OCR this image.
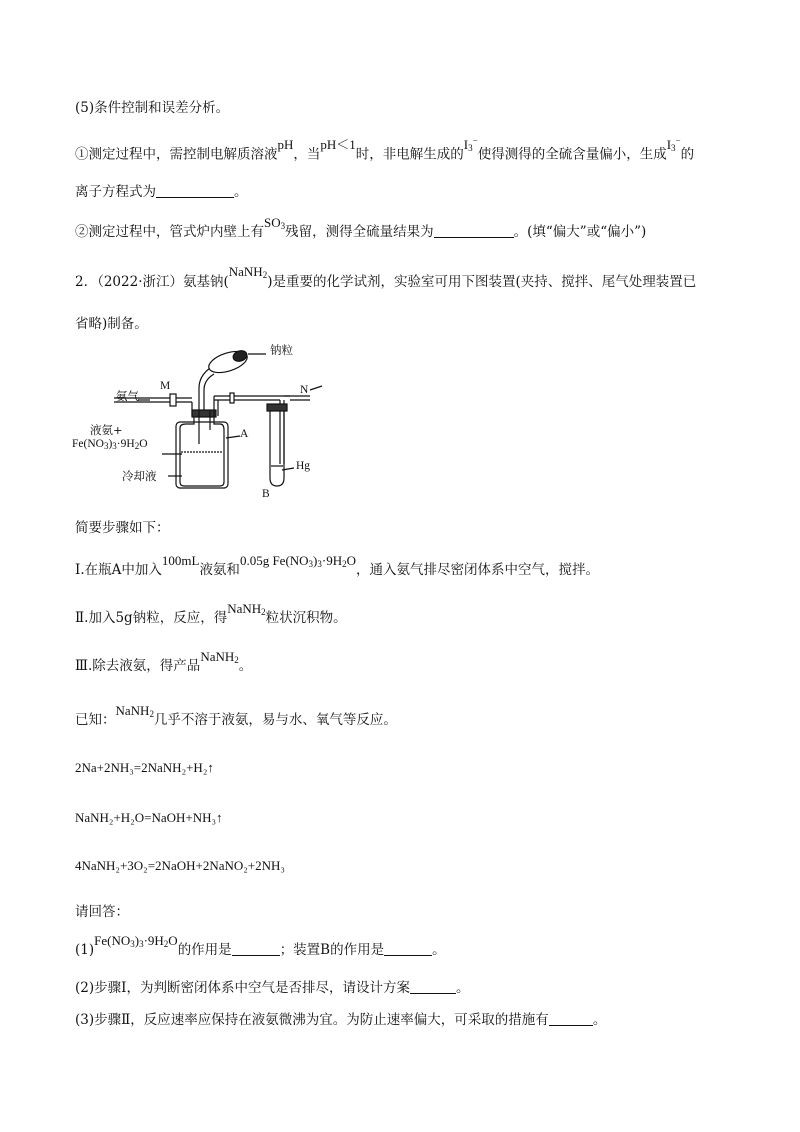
(5)条件控制和误差分析。
①测定过程中，需控制电解质溶液pH，当pH＜1时，非电解生成的$I_3^-$使得测得的全硫含量偏小，生成$I_3^-$的
离子方程式为	。
②测定过程中，管式炉内壁上有$SO_3$残留，测得全硫量结果为	。(填“偏大”或“偏小”)
2．（2022·浙江）氨基钠(NaNH$_2$)是重要的化学试剂，实验室可用下图装置(夹持、搅拌、尾气处理装置已
省略)制备。
钠粒
氨气
M	N
液氨+
$Fe(NO_3)_3\cdot 9H_2O$
A
Hg
B
冷却液
简要步骤如下：
Ⅰ.在瓶A中加入100mL液氨和0.05g $Fe(NO_3)_3\cdot 9H_2O$，通入氨气排尽密闭体系中空气，搅拌。
Ⅱ.加入5g钠粒，反应，得NaNH$_2$粒状沉积物。
Ⅲ.除去液氨，得产品NaNH$_2$。
已知：NaNH$_2$几乎不溶于液氨，易与水、氧气等反应。
2Na+2NH₃=2NaNH₂+H₂↑
NaNH₂+H₂O=NaOH+NH₃↑
4NaNH₂+3O₂=2NaOH+2NaNO₂+2NH₃
请回答：
$(1)Fe(NO_3)_3\cdot 9H_2O$的作用是	；装置B的作用是	。
(2)步骤Ⅰ，为判断密闭体系中空气是否排尽，请设计方案	。
(3)步骤Ⅱ，反应速率应保持在液氨微沸为宜。为防止速率偏大，可采取的措施有	。
